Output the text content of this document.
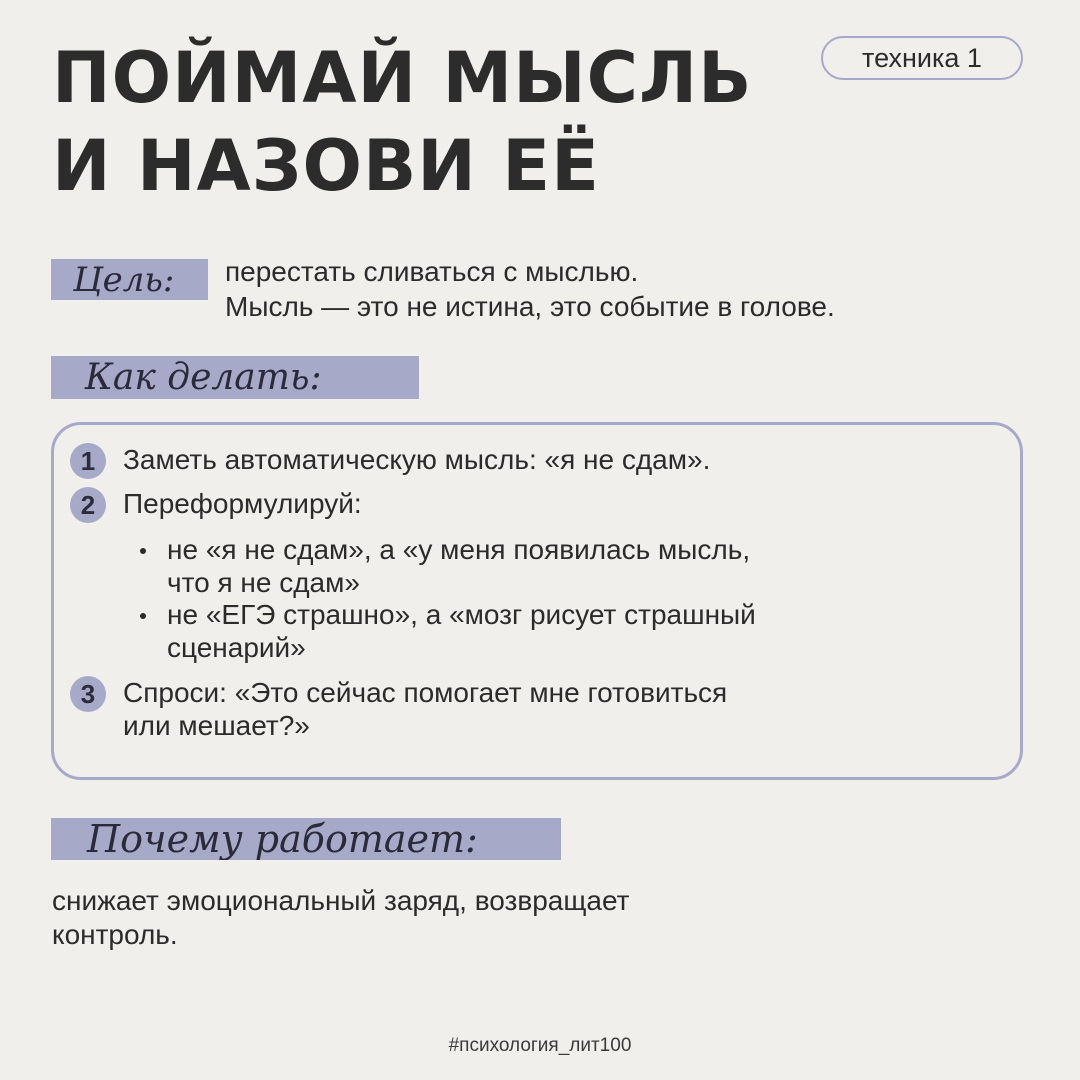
ПОЙМАЙ МЫСЛЬ
И НАЗОВИ ЕЁ
техника 1
Цель:	перестать сливаться с мыслью.
Мысль — это не истина, это событие в голове.
Как делать:
1 Заметь автоматическую мысль: «я не сдам».
2 Переформулируй:
не «я не сдам», а «у меня появилась мысль,
что я не сдам»
не «ЕГЭ страшно», а «мозг рисует страшный
сценарий»
3 Спроси: «Это сейчас помогает мне готовиться
или мешает?»
Почему работает:
снижает эмоциональный заряд, возвращает
контроль.
#психология_лит100
